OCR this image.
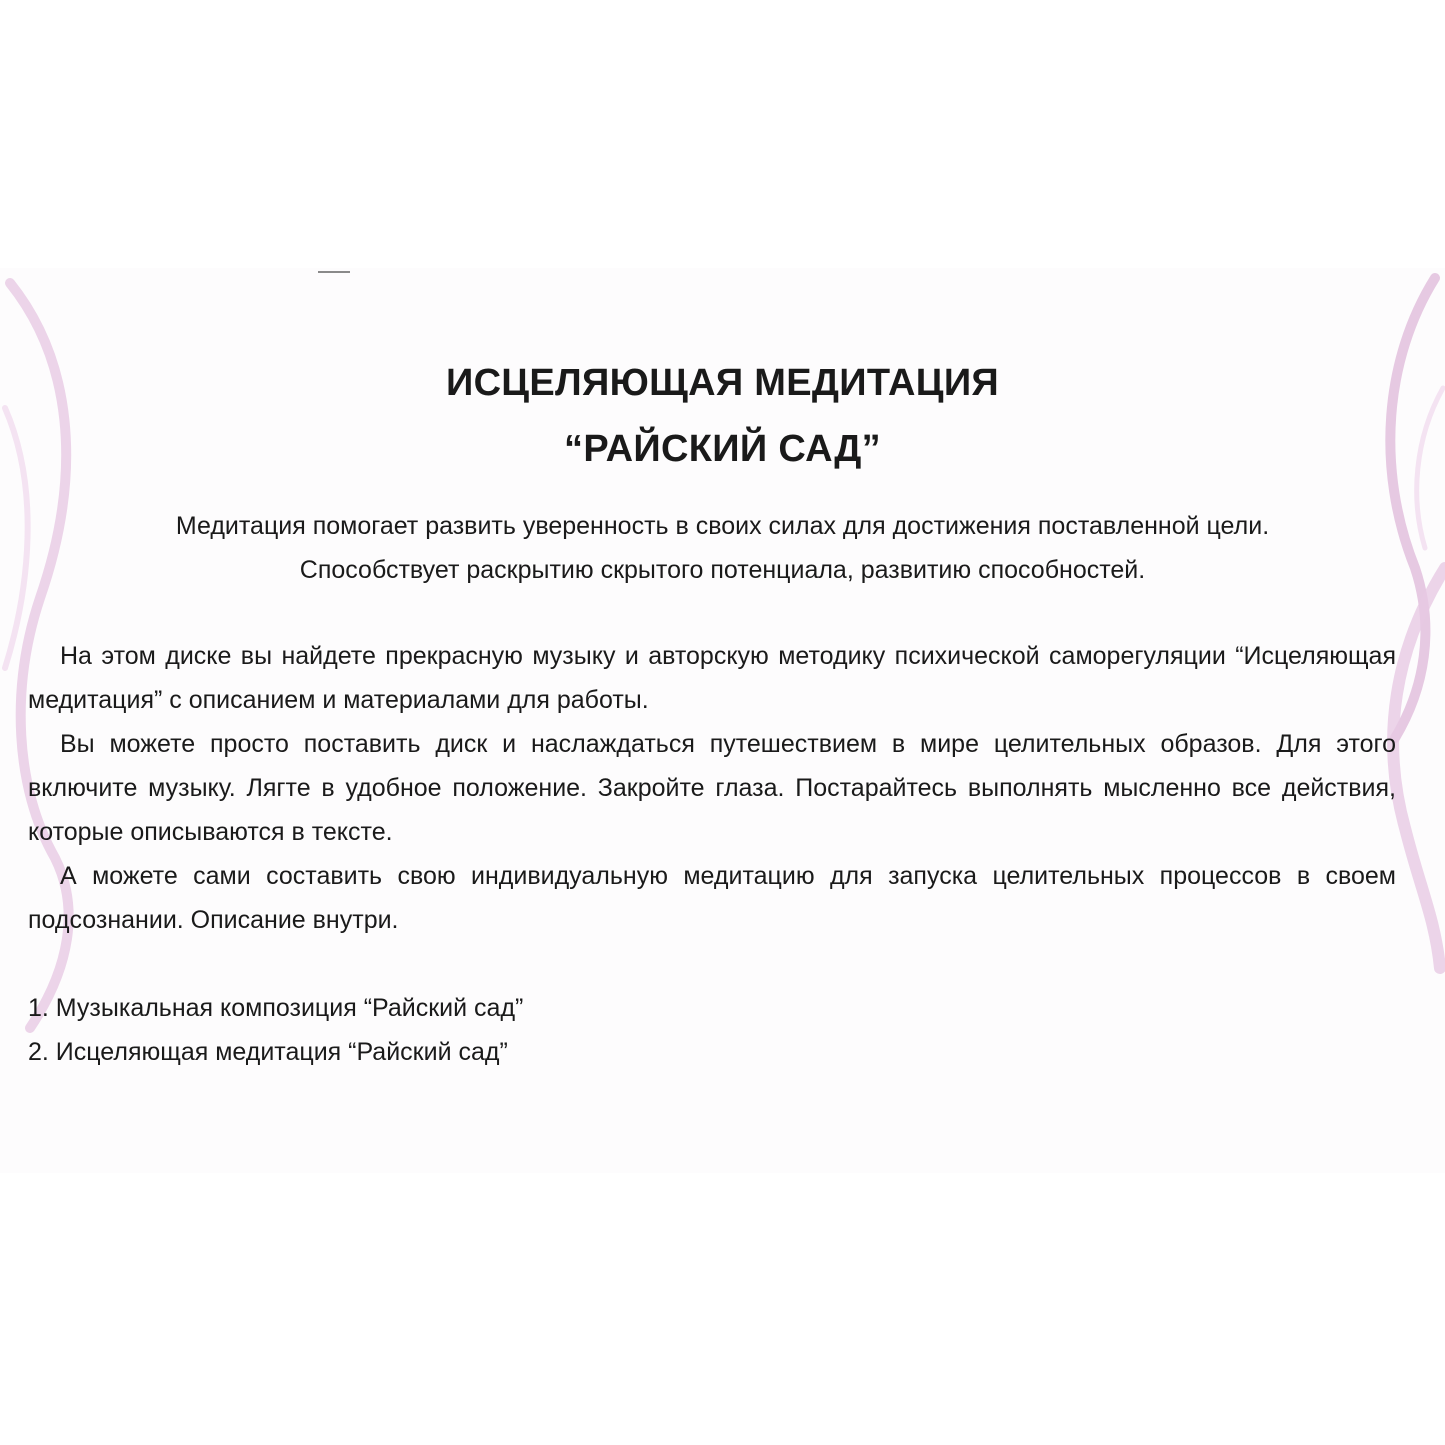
ИСЦЕЛЯЮЩАЯ МЕДИТАЦИЯ
“РАЙСКИЙ САД”
Медитация помогает развить уверенность в своих силах для достижения поставленной цели.
Способствует раскрытию скрытого потенциала, развитию способностей.

На этом диске вы найдете прекрасную музыку и авторскую методику психической саморегуляции “Исцеляющая медитация” с описанием и материалами для работы.

Вы можете просто поставить диск и наслаждаться путешествием в мире целительных образов. Для этого включите музыку. Лягте в удобное положение. Закройте глаза. Постарайтесь выполнять мысленно все действия, которые описываются в тексте.

А можете сами составить свою индивидуальную медитацию для запуска целительных процессов в своем подсознании. Описание внутри.

1. Музыкальная композиция “Райский сад”
2. Исцеляющая медитация “Райский сад”
